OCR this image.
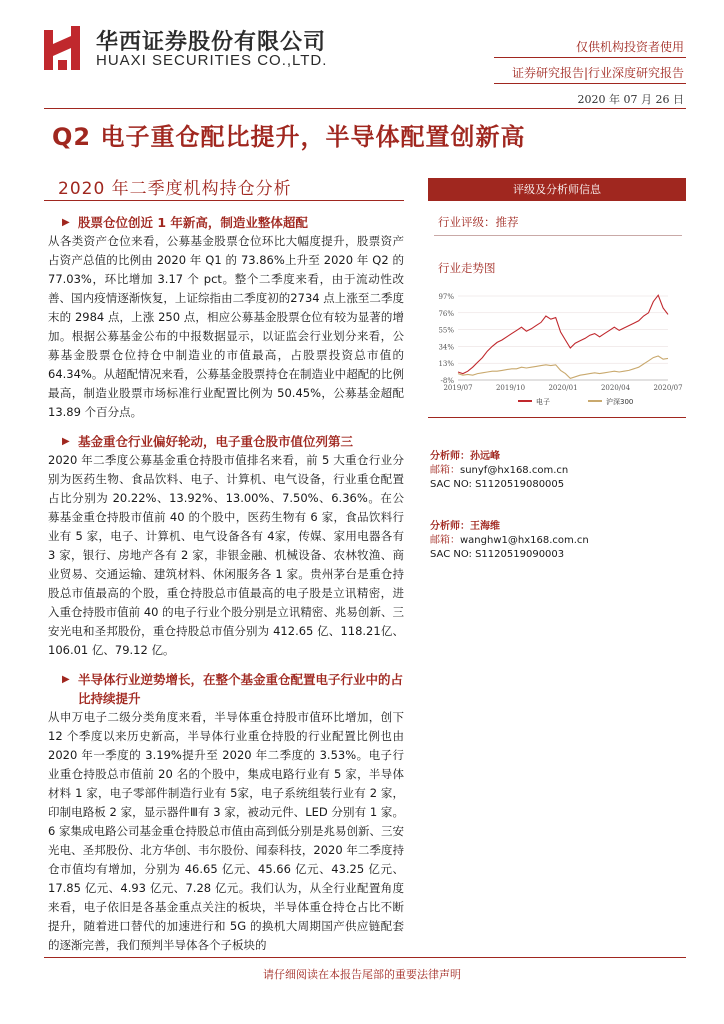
华西证券股份有限公司
HUAXI SECURITIES CO.,LTD.
仅供机构投资者使用
证券研究报告|行业深度研究报告
2020 年 07 月 26 日
Q2 电子重仓配比提升，半导体配置创新高
2020 年二季度机构持仓分析
▶ 股票仓位创近 1 年新高，制造业整体超配
从各类资产仓位来看，公募基金股票仓位环比大幅度提升，股票资产占资产总值的比例由 2020 年 Q1 的 73.86%上升至 2020 年 Q2 的 77.03%，环比增加 3.17 个 pct。整个二季度来看，由于流动性改善、国内疫情逐渐恢复，上证综指由二季度初的2734 点上涨至二季度末的 2984 点，上涨 250 点，相应公募基金股票仓位有较为显著的增加。根据公募基金公布的中报数据显示，以证监会行业划分来看，公募基金股票仓位持仓中制造业的市值最高，占股票投资总市值的 64.34%。从超配情况来看，公募基金股票持仓在制造业中超配的比例最高，制造业股票市场标准行业配置比例为 50.45%，公募基金超配 13.89 个百分点。
▶ 基金重仓行业偏好轮动，电子重仓股市值位列第三
2020 年二季度公募基金重仓持股市值排名来看，前 5 大重仓行业分别为医药生物、食品饮料、电子、计算机、电气设备，行业重仓配置占比分别为 20.22%、13.92%、13.00%、7.50%、6.36%。在公募基金重仓持股市值前 40 的个股中，医药生物有 6 家，食品饮料行业有 5 家，电子、计算机、电气设备各有 4家，传媒、家用电器各有 3 家，银行、房地产各有 2 家，非银金融、机械设备、农林牧渔、商业贸易、交通运输、建筑材料、休闲服务各 1 家。贵州茅台是重仓持股总市值最高的个股，重仓持股总市值最高的电子股是立讯精密，进入重仓持股市值前 40 的电子行业个股分别是立讯精密、兆易创新、三安光电和圣邦股份，重仓持股总市值分别为 412.65 亿、118.21亿、106.01 亿、79.12 亿。
▶ 半导体行业逆势增长，在整个基金重仓配置电子行业中的占比持续提升
从申万电子二级分类角度来看，半导体重仓持股市值环比增加，创下 12 个季度以来历史新高，半导体行业重仓持股的行业配置比例也由 2020 年一季度的 3.19%提升至 2020 年二季度的 3.53%。电子行业重仓持股总市值前 20 名的个股中，集成电路行业有 5 家，半导体材料 1 家，电子零部件制造行业有 5家，电子系统组装行业有 2 家，印制电路板 2 家，显示器件Ⅲ有 3 家，被动元件、LED 分别有 1 家。6 家集成电路公司基金重仓持股总市值由高到低分别是兆易创新、三安光电、圣邦股份、北方华创、韦尔股份、闻泰科技，2020 年二季度持仓市值均有增加，分别为 46.65 亿元、45.66 亿元、43.25 亿元、17.85 亿元、4.93 亿元、7.28 亿元。我们认为，从全行业配置角度来看，电子依旧是各基金重点关注的板块，半导体重仓持仓占比不断提升，随着进口替代的加速进行和 5G 的换机大周期国产供应链配套的逐渐完善，我们预判半导体各个子板块的
评级及分析师信息
行业评级：推荐
行业走势图
97%
76%
55%
34%
13%
-8%
2019/07	2019/10	2020/01	2020/04	2020/07
电子	沪深300
分析师：孙远峰
邮箱：sunyf@hx168.com.cn
SAC NO: S1120519080005
分析师：王海维
邮箱：wanghw1@hx168.com.cn
SAC NO: S1120519090003
请仔细阅读在本报告尾部的重要法律声明
